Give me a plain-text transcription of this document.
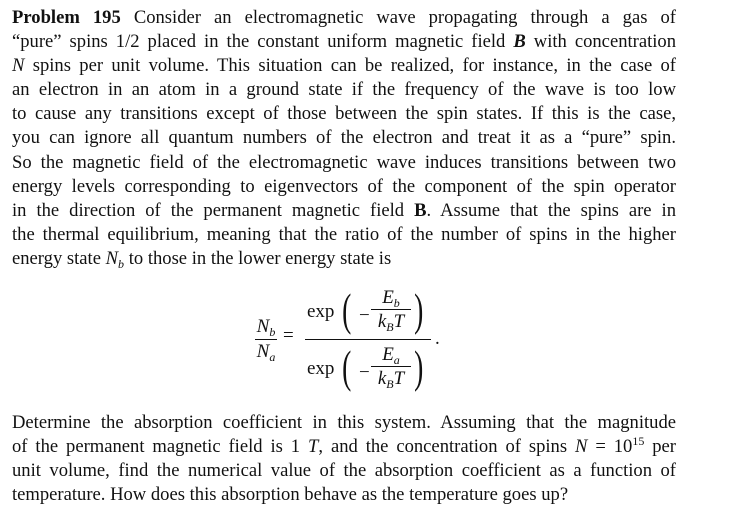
Problem 195 Consider an electromagnetic wave propagating through a gas of
“pure” spins 1/2 placed in the constant uniform magnetic field B with concentration
N spins per unit volume. This situation can be realized, for instance, in the case of
an electron in an atom in a ground state if the frequency of the wave is too low
to cause any transitions except of those between the spin states. If this is the case,
you can ignore all quantum numbers of the electron and treat it as a “pure” spin.
So the magnetic field of the electromagnetic wave induces transitions between two
energy levels corresponding to eigenvectors of the component of the spin operator
in the direction of the permanent magnetic field B. Assume that the spins are in
the thermal equilibrium, meaning that the ratio of the number of spins in the higher
energy state $N_b$ to those in the lower energy state is
$N_b$
$N_a$
=
exp ( −
$E_b$
$k_BT$ )
exp ( −
$E_a$
$k_BT$ )
.
Determine the absorption coefficient in this system. Assuming that the magnitude
of the permanent magnetic field is 1 T, and the concentration of spins $N = 10^{15}$ per
unit volume, find the numerical value of the absorption coefficient as a function of
temperature. How does this absorption behave as the temperature goes up?
